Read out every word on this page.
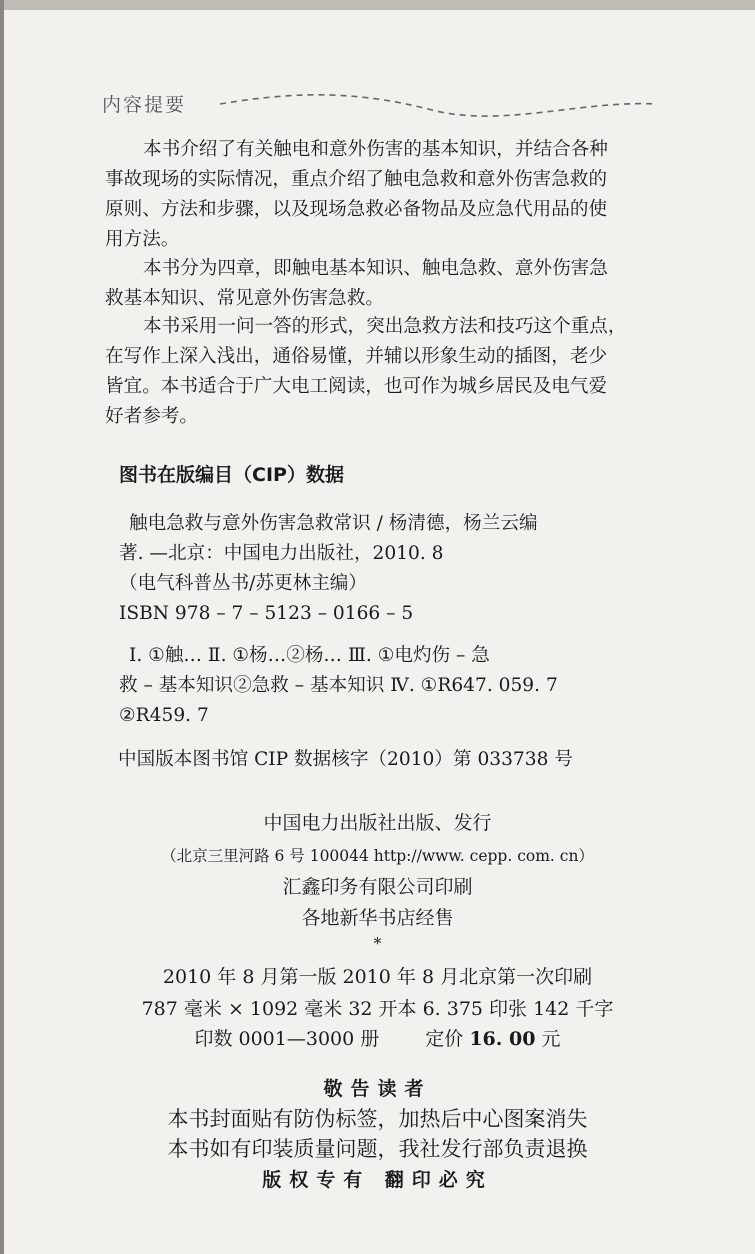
内容提要
本书介绍了有关触电和意外伤害的基本知识，并结合各种
事故现场的实际情况，重点介绍了触电急救和意外伤害急救的
原则、方法和步骤，以及现场急救必备物品及应急代用品的使
用方法。
本书分为四章，即触电基本知识、触电急救、意外伤害急
救基本知识、常见意外伤害急救。
本书采用一问一答的形式，突出急救方法和技巧这个重点，
在写作上深入浅出，通俗易懂，并辅以形象生动的插图，老少
皆宜。本书适合于广大电工阅读，也可作为城乡居民及电气爱
好者参考。
图书在版编目（CIP）数据
触电急救与意外伤害急救常识 / 杨清德，杨兰云编
著. —北京：中国电力出版社，2010. 8
（电气科普丛书/苏更林主编）
ISBN 978 – 7 – 5123 – 0166 – 5
Ⅰ. ①触… Ⅱ. ①杨…②杨… Ⅲ. ①电灼伤 – 急
救 – 基本知识②急救 – 基本知识 Ⅳ. ①R647. 059. 7
②R459. 7
中国版本图书馆 CIP 数据核字（2010）第 033738 号
中国电力出版社出版、发行
（北京三里河路 6 号 100044 http://www. cepp. com. cn）
汇鑫印务有限公司印刷
各地新华书店经售
*
2010 年 8 月第一版 2010 年 8 月北京第一次印刷
787 毫米 × 1092 毫米 32 开本 6. 375 印张 142 千字
印数 0001—3000 册 定价 16. 00 元
敬告读者
本书封面贴有防伪标签，加热后中心图案消失
本书如有印装质量问题，我社发行部负责退换
版权专有 翻印必究
